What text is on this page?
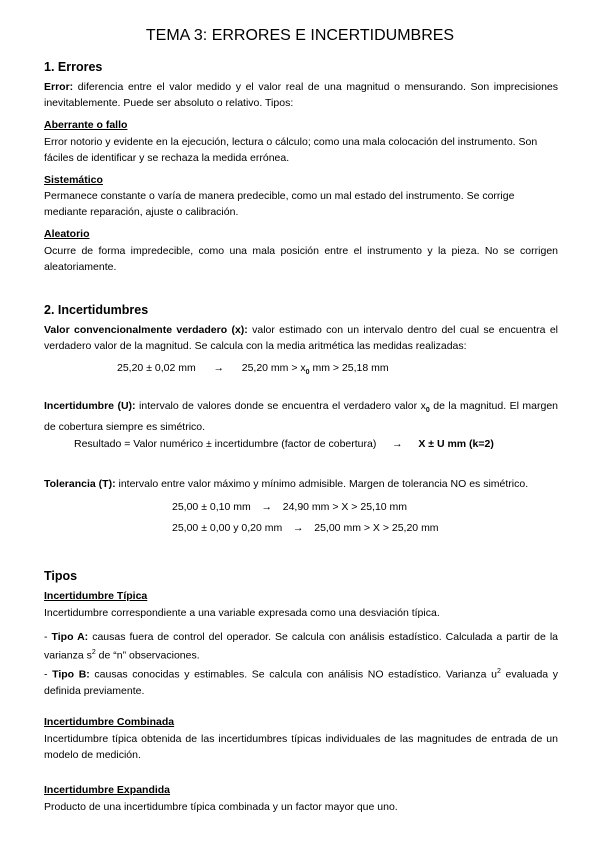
TEMA 3: ERRORES E INCERTIDUMBRES
1. Errores
Error: diferencia entre el valor medido y el valor real de una magnitud o mensurando. Son imprecisiones inevitablemente. Puede ser absoluto o relativo. Tipos:
Aberrante o fallo
Error notorio y evidente en la ejecución, lectura o cálculo; como una mala colocación del instrumento. Son fáciles de identificar y se rechaza la medida errónea.
Sistemático
Permanece constante o varía de manera predecible, como un mal estado del instrumento. Se corrige mediante reparación, ajuste o calibración.
Aleatorio
Ocurre de forma impredecible, como una mala posición entre el instrumento y la pieza. No se corrigen aleatoriamente.
2. Incertidumbres
Valor convencionalmente verdadero (x): valor estimado con un intervalo dentro del cual se encuentra el verdadero valor de la magnitud. Se calcula con la media aritmética las medidas realizadas:
25,20 ± 0,02 mm → 25,20 mm > $x_0$ mm > 25,18 mm
Incertidumbre (U): intervalo de valores donde se encuentra el verdadero valor $x_0$ de la magnitud. El margen de cobertura siempre es simétrico.
Resultado = Valor numérico ± incertidumbre (factor de cobertura) → X ± U mm (k=2)
Tolerancia (T): intervalo entre valor máximo y mínimo admisible. Margen de tolerancia NO es simétrico.
25,00 ± 0,10 mm → 24,90 mm > X > 25,10 mm
25,00 ± 0,00 y 0,20 mm → 25,00 mm > X > 25,20 mm
Tipos
Incertidumbre Típica
Incertidumbre correspondiente a una variable expresada como una desviación típica.
- Tipo A: causas fuera de control del operador. Se calcula con análisis estadístico. Calculada a partir de la varianza $s^2$ de “n” observaciones.
- Tipo B: causas conocidas y estimables. Se calcula con análisis NO estadístico. Varianza $u^2$ evaluada y definida previamente.
Incertidumbre Combinada
Incertidumbre típica obtenida de las incertidumbres típicas individuales de las magnitudes de entrada de un modelo de medición.
Incertidumbre Expandida
Producto de una incertidumbre típica combinada y un factor mayor que uno.
